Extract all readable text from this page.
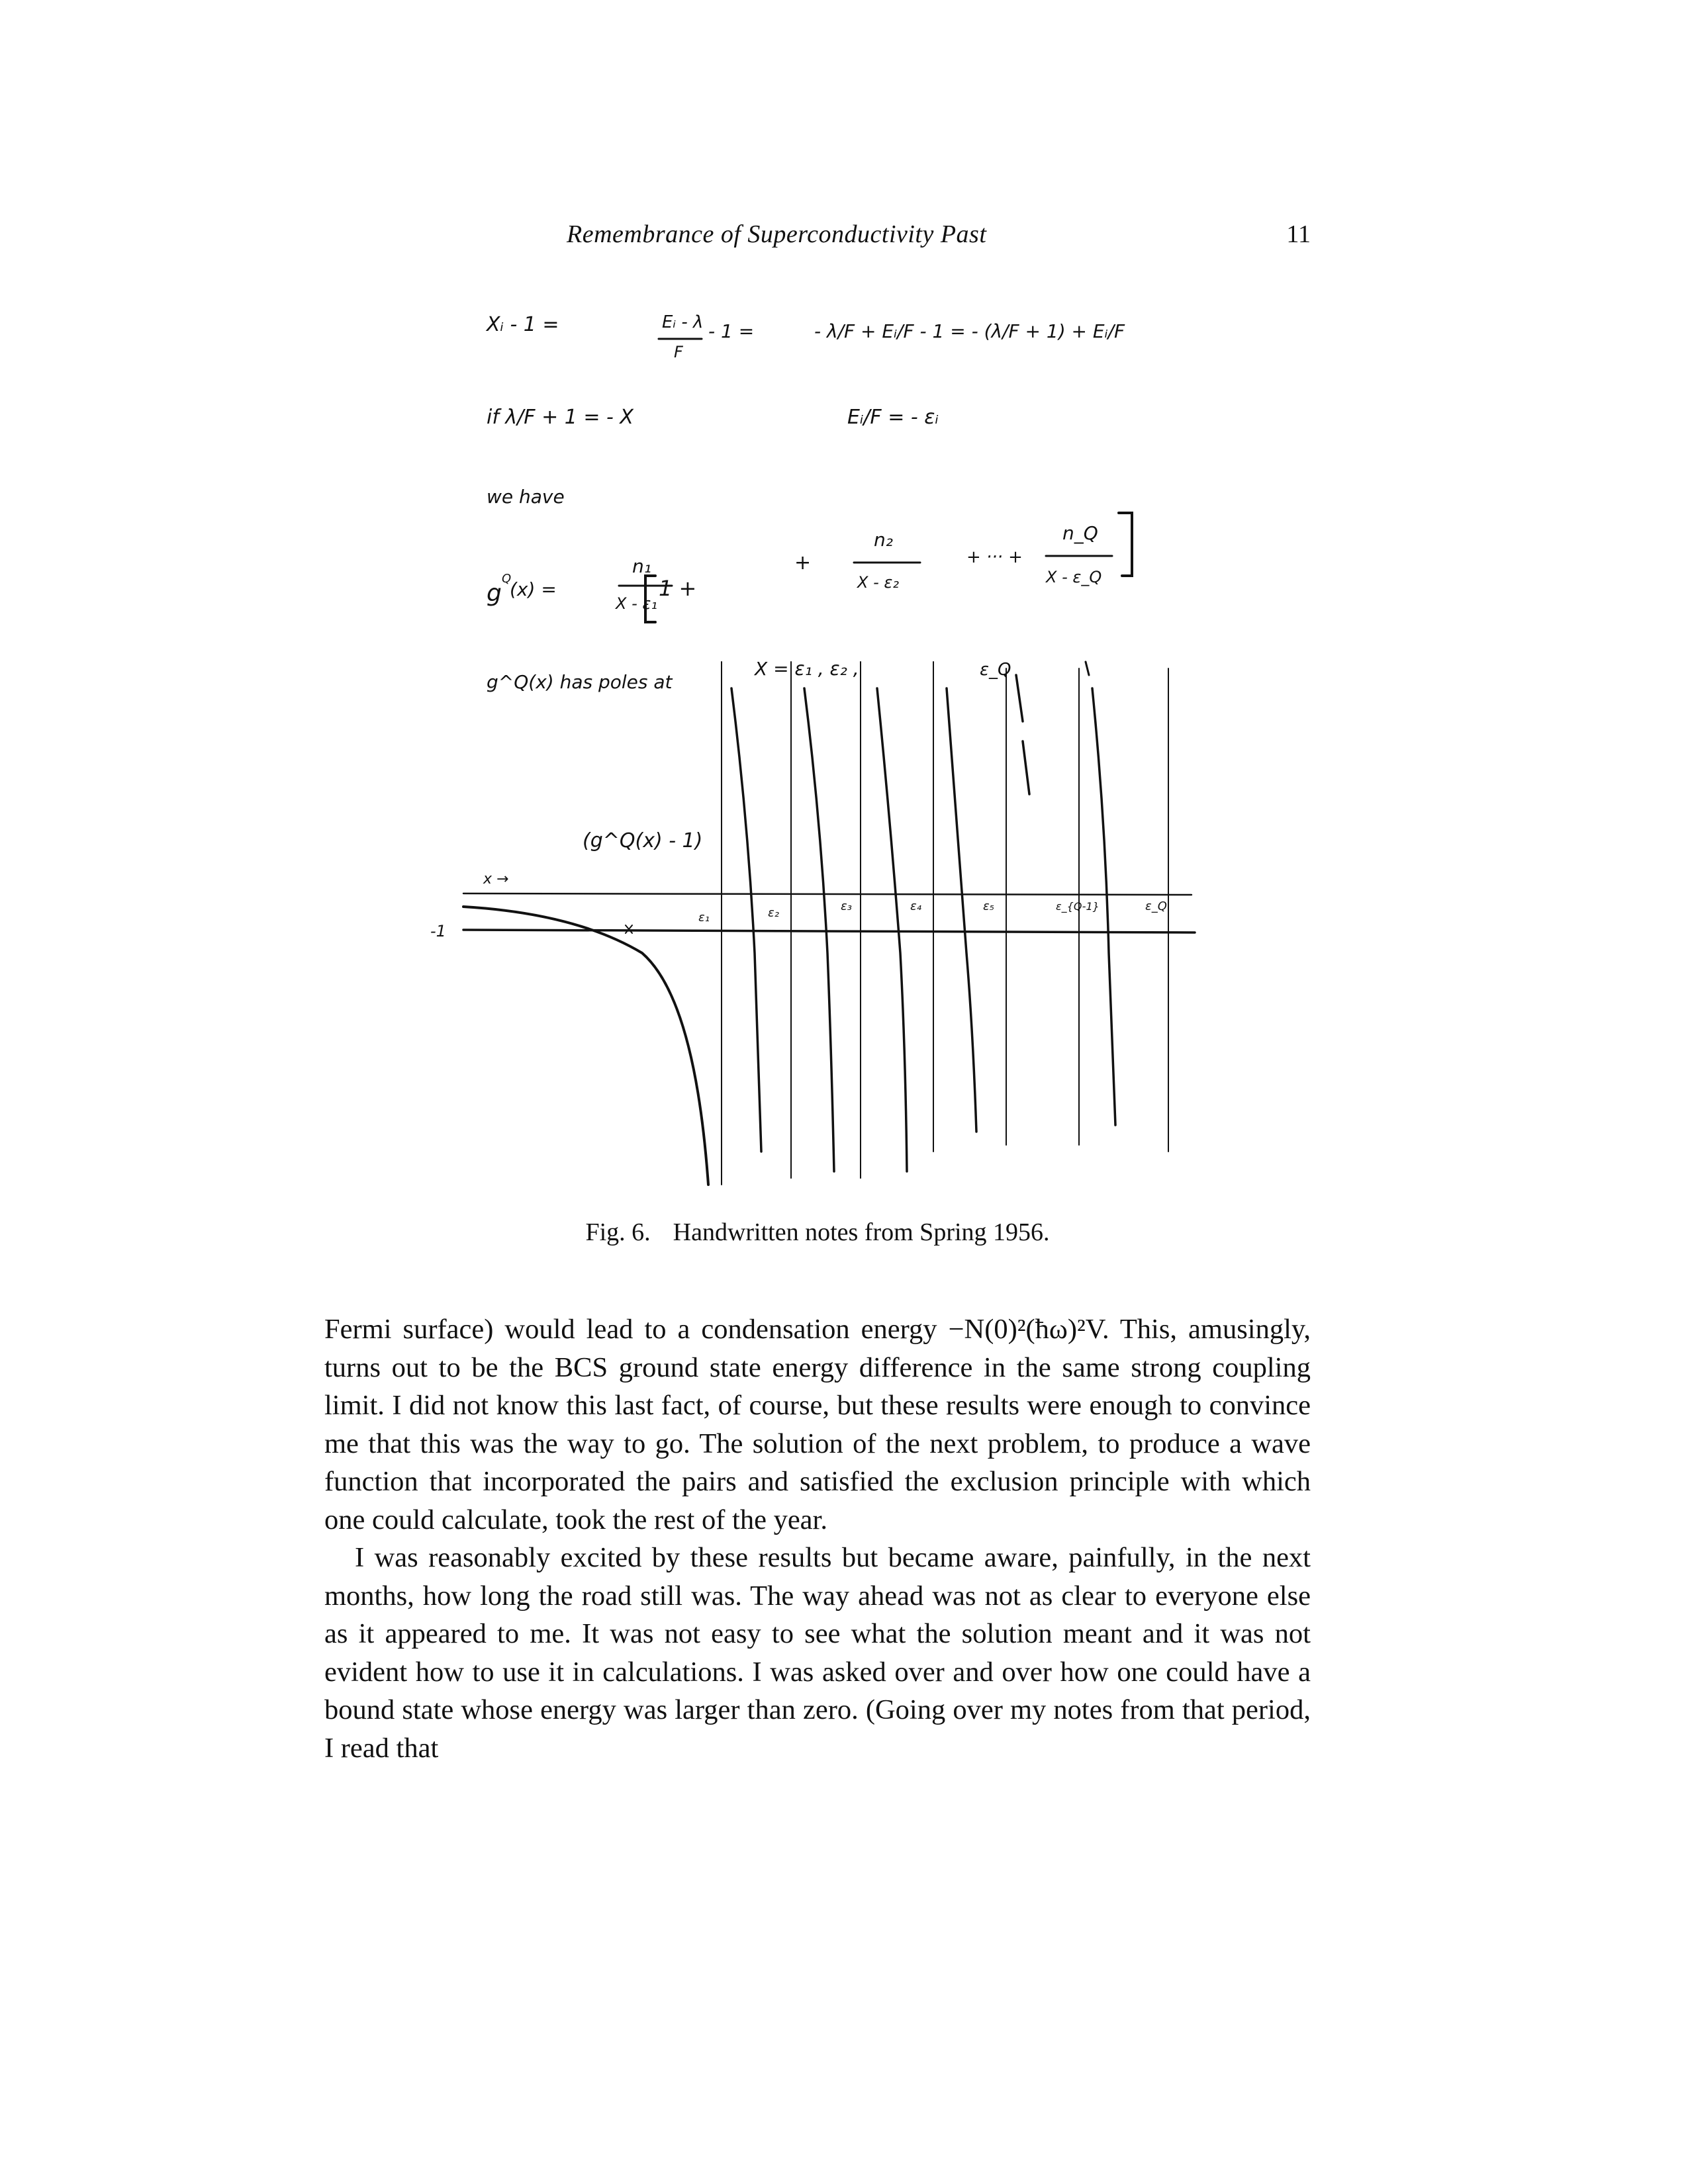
Remembrance of Superconductivity Past	11
Xᵢ - 1 =	Eᵢ - λ
F
- 1 =	- λ/F + Eᵢ/F - 1 = - (λ/F + 1) + Eᵢ/F
if λ/F + 1 = - X	Eᵢ/F = - εᵢ
we have
g
Q
(x) =	1 +
n₁
X - ε₁
+
n₂
X - ε₂
+ ··· +
n_Q
X - ε_Q
g^Q(x) has poles at
X = ε₁ , ε₂ ,	ε_Q
(g^Q(x) - 1)
x →
-1
ε₁	ε₂	ε₃	ε₄	ε₅	ε_{Q-1}	ε_Q
Fig. 6. Handwritten notes from Spring 1956.

Fermi surface) would lead to a condensation energy −N(0)²(ħω)²V. This, amusingly, turns out to be the BCS ground state energy difference in the same strong coupling limit. I did not know this last fact, of course, but these results were enough to convince me that this was the way to go. The solution of the next problem, to produce a wave function that incorporated the pairs and satisfied the exclusion principle with which one could calculate, took the rest of the year.

I was reasonably excited by these results but became aware, painfully, in the next months, how long the road still was. The way ahead was not as clear to everyone else as it appeared to me. It was not easy to see what the solution meant and it was not evident how to use it in calculations. I was asked over and over how one could have a bound state whose energy was larger than zero. (Going over my notes from that period, I read that
